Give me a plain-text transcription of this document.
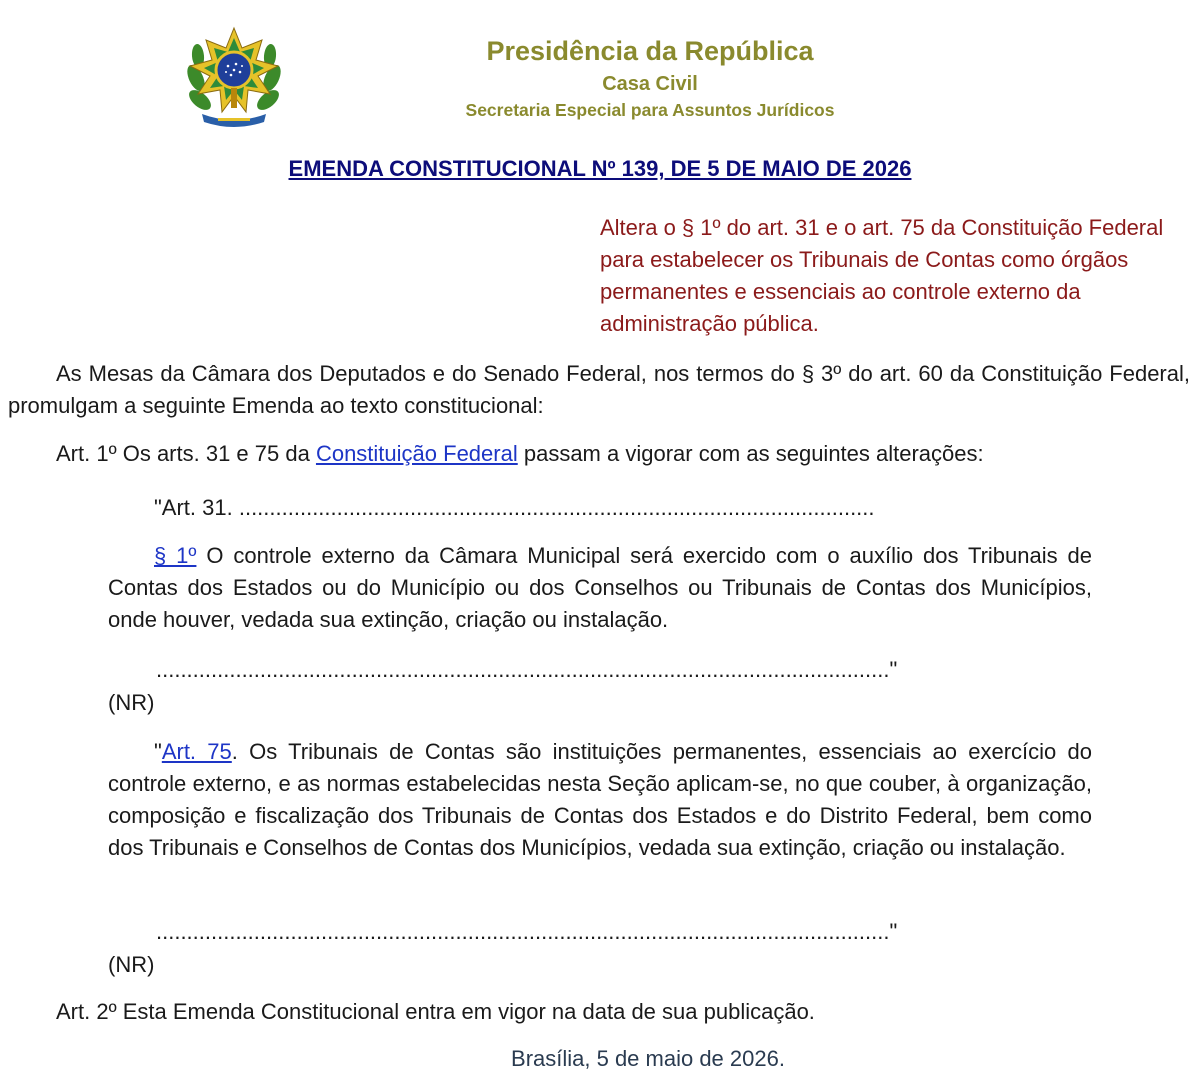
Presidência da República

Casa Civil

Secretaria Especial para Assuntos Jurídicos

EMENDA CONSTITUCIONAL Nº 139, DE 5 DE MAIO DE 2026

Altera o § 1º do art. 31 e o art. 75 da Constituição Federal para estabelecer os Tribunais de Contas como órgãos permanentes e essenciais ao controle externo da administração pública.

As Mesas da Câmara dos Deputados e do Senado Federal, nos termos do § 3º do art. 60 da Constituição Federal, promulgam a seguinte Emenda ao texto constitucional:

Art. 1º Os arts. 31 e 75 da Constituição Federal passam a vigorar com as seguintes alterações:

"Art. 31. ........................................................................................................

§ 1º O controle externo da Câmara Municipal será exercido com o auxílio dos Tribunais de Contas dos Estados ou do Município ou dos Conselhos ou Tribunais de Contas dos Municípios, onde houver, vedada sua extinção, criação ou instalação.

........................................................................................................................"

(NR)

"Art. 75. Os Tribunais de Contas são instituições permanentes, essenciais ao exercício do controle externo, e as normas estabelecidas nesta Seção aplicam-se, no que couber, à organização, composição e fiscalização dos Tribunais de Contas dos Estados e do Distrito Federal, bem como dos Tribunais e Conselhos de Contas dos Municípios, vedada sua extinção, criação ou instalação.

........................................................................................................................"

(NR)

Art. 2º Esta Emenda Constitucional entra em vigor na data de sua publicação.

Brasília, 5 de maio de 2026.
